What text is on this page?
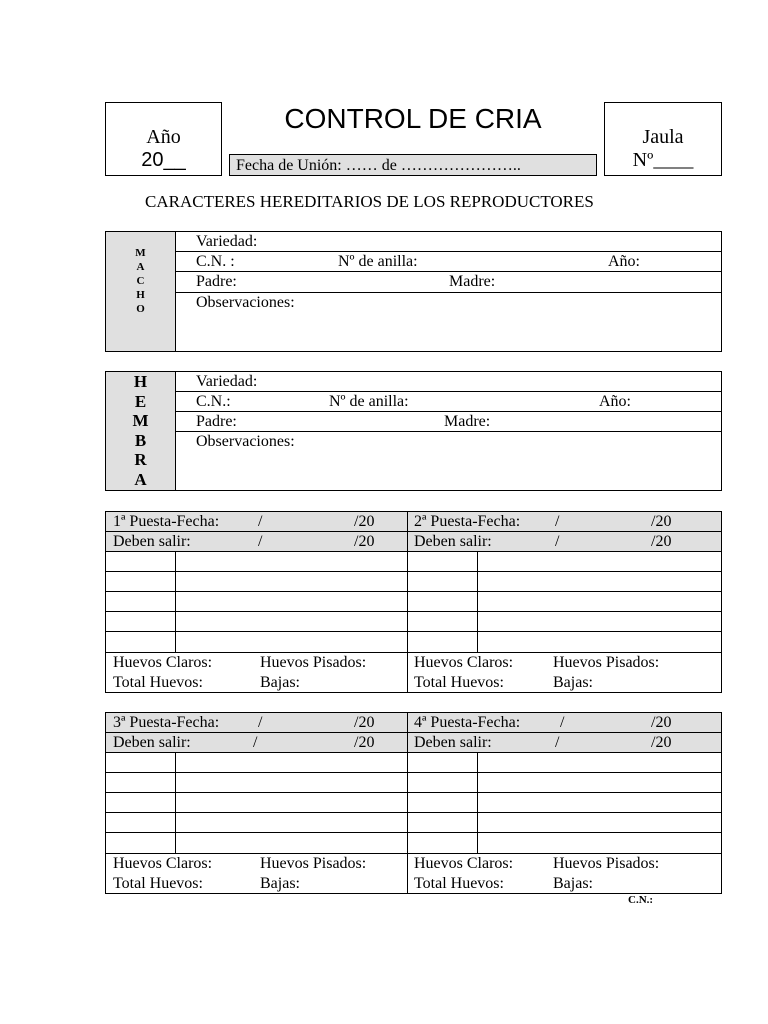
Año
20__
CONTROL DE CRIA
Fecha de Unión: …… de …………………..
Jaula
Nº____
CARACTERES HEREDITARIOS DE LOS REPRODUCTORES
M
A
C
H
O
Variedad:
C.N. :	Nº de anilla:	Año:
Padre:	Madre:
Observaciones:
H
E
M
B
R
A
Variedad:
C.N.:	Nº de anilla:	Año:
Padre:	Madre:
Observaciones:
1ª Puesta-Fecha: /	/20
Deben salir:	/	/20
2ª Puesta-Fecha: /	/20
Deben salir:	/	/20
Huevos Claros:	Huevos Pisados:
Total Huevos:	Bajas:
Huevos Claros: Huevos Pisados:
Total Huevos:	Bajas:
3ª Puesta-Fecha: /	/20
Deben salir:	/	/20
4ª Puesta-Fecha: /	/20
Deben salir:	/	/20
Huevos Claros:	Huevos Pisados:
Total Huevos:	Bajas:
Huevos Claros: Huevos Pisados:
Total Huevos:	Bajas:
C.N.:
